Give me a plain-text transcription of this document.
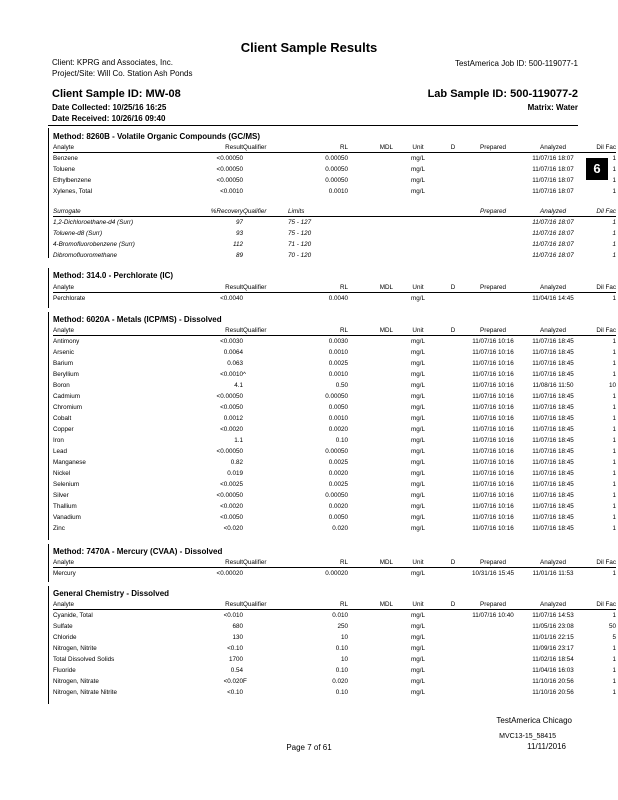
Client Sample Results
Client: KPRG and Associates, Inc.
Project/Site: Will Co. Station Ash Ponds
TestAmerica Job ID: 500-119077-1
Client Sample ID: MW-08	Lab Sample ID: 500-119077-2
Date Collected: 10/25/16 16:25
Date Received: 10/26/16 09:40
Matrix: Water
6
Method: 8260B - Volatile Organic Compounds (GC/MS)
Analyte	Result	Qualifier	RL	MDL	Unit	D	Prepared	Analyzed	Dil Fac
Benzene	<0.00050		0.00050		mg/L			11/07/16 18:07	1
Toluene	<0.00050		0.00050		mg/L			11/07/16 18:07	1
Ethylbenzene	<0.00050		0.00050		mg/L			11/07/16 18:07	1
Xylenes, Total	<0.0010		0.0010		mg/L			11/07/16 18:07	1
Surrogate	%Recovery	Qualifier	Limits			Prepared	Analyzed	Dil Fac
1,2-Dichloroethane-d4 (Surr)	97		75 - 127				11/07/16 18:07	1
Toluene-d8 (Surr)	93		75 - 120				11/07/16 18:07	1
4-Bromofluorobenzene (Surr)	112		71 - 120				11/07/16 18:07	1
Dibromofluoromethane	89		70 - 120				11/07/16 18:07	1
Method: 314.0 - Perchlorate (IC)
Analyte	Result	Qualifier	RL	MDL	Unit	D	Prepared	Analyzed	Dil Fac
Perchlorate	<0.0040		0.0040		mg/L			11/04/16 14:45	1
Method: 6020A - Metals (ICP/MS) - Dissolved
Analyte	Result	Qualifier	RL	MDL	Unit	D	Prepared	Analyzed	Dil Fac
Antimony	<0.0030		0.0030		mg/L		11/07/16 10:16	11/07/16 18:45	1
Arsenic	0.0064		0.0010		mg/L		11/07/16 10:16	11/07/16 18:45	1
Barium	0.063		0.0025		mg/L		11/07/16 10:16	11/07/16 18:45	1
Beryllium	<0.0010	^	0.0010		mg/L		11/07/16 10:16	11/07/16 18:45	1
Boron	4.1		0.50		mg/L		11/07/16 10:16	11/08/16 11:50	10
Cadmium	<0.00050		0.00050		mg/L		11/07/16 10:16	11/07/16 18:45	1
Chromium	<0.0050		0.0050		mg/L		11/07/16 10:16	11/07/16 18:45	1
Cobalt	0.0012		0.0010		mg/L		11/07/16 10:16	11/07/16 18:45	1
Copper	<0.0020		0.0020		mg/L		11/07/16 10:16	11/07/16 18:45	1
Iron	1.1		0.10		mg/L		11/07/16 10:16	11/07/16 18:45	1
Lead	<0.00050		0.00050		mg/L		11/07/16 10:16	11/07/16 18:45	1
Manganese	0.82		0.0025		mg/L		11/07/16 10:16	11/07/16 18:45	1
Nickel	0.019		0.0020		mg/L		11/07/16 10:16	11/07/16 18:45	1
Selenium	<0.0025		0.0025		mg/L		11/07/16 10:16	11/07/16 18:45	1
Silver	<0.00050		0.00050		mg/L		11/07/16 10:16	11/07/16 18:45	1
Thallium	<0.0020		0.0020		mg/L		11/07/16 10:16	11/07/16 18:45	1
Vanadium	<0.0050		0.0050		mg/L		11/07/16 10:16	11/07/16 18:45	1
Zinc	<0.020		0.020		mg/L		11/07/16 10:16	11/07/16 18:45	1
Method: 7470A - Mercury (CVAA) - Dissolved
Analyte	Result	Qualifier	RL	MDL	Unit	D	Prepared	Analyzed	Dil Fac
Mercury	<0.00020		0.00020		mg/L		10/31/16 15:45	11/01/16 11:53	1
General Chemistry - Dissolved
Analyte	Result	Qualifier	RL	MDL	Unit	D	Prepared	Analyzed	Dil Fac
Cyanide, Total	<0.010		0.010		mg/L		11/07/16 10:40	11/07/16 14:53	1
Sulfate	680		250		mg/L			11/05/16 23:08	50
Chloride	130		10		mg/L			11/01/16 22:15	5
Nitrogen, Nitrite	<0.10		0.10		mg/L			11/09/16 23:17	1
Total Dissolved Solids	1700		10		mg/L			11/02/16 18:54	1
Fluoride	0.54		0.10		mg/L			11/04/16 16:03	1
Nitrogen, Nitrate	<0.020	F	0.020		mg/L			11/10/16 20:56	1
Nitrogen, Nitrate Nitrite	<0.10		0.10		mg/L			11/10/16 20:56	1
TestAmerica Chicago
MVC13-15_58415
Page 7 of 61	11/11/2016
